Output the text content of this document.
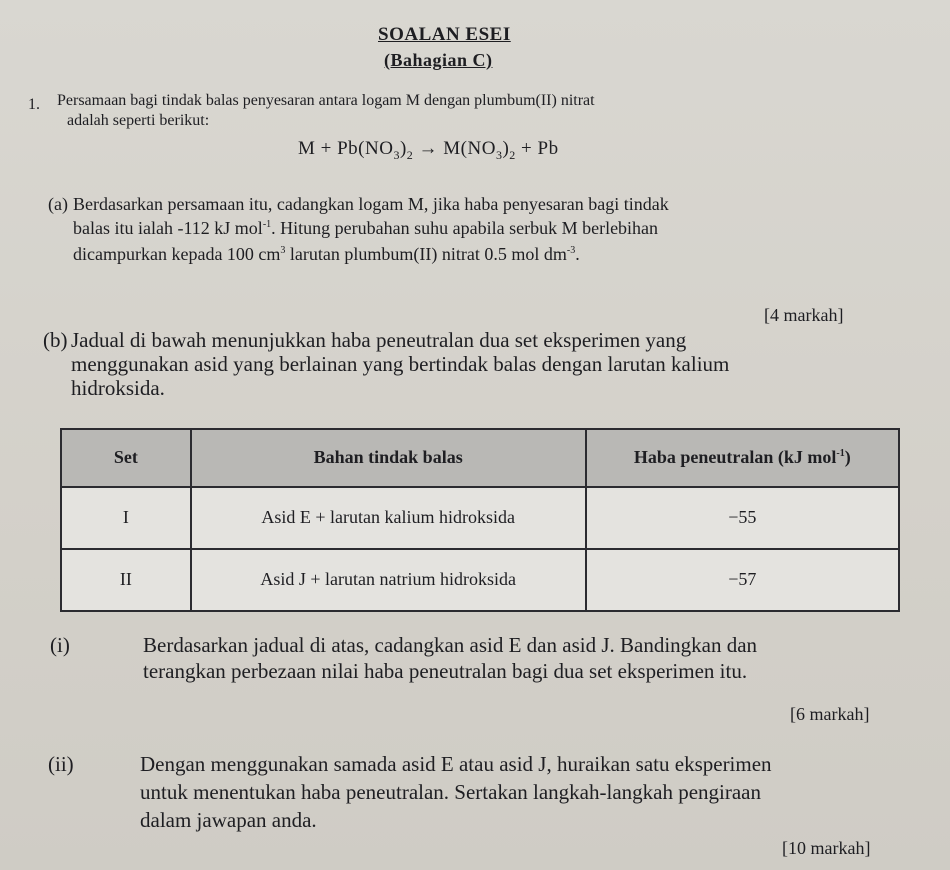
SOALAN ESEI
(Bahagian C)
1. Persamaan bagi tindak balas penyesaran antara logam M dengan plumbum(II) nitrat
adalah seperti berikut:
$M + Pb(NO_3)_2 \to M(NO_3)_2 + Pb$
(a) Berdasarkan persamaan itu, cadangkan logam M, jika haba penyesaran bagi tindak
balas itu ialah -112 kJ mol$^{-1}$. Hitung perubahan suhu apabila serbuk M berlebihan
dicampurkan kepada 100 $cm^3$ larutan plumbum(II) nitrat 0.5 mol $dm^{-3}$.
[4 markah]
(b) Jadual di bawah menunjukkan haba peneutralan dua set eksperimen yang
menggunakan asid yang berlainan yang bertindak balas dengan larutan kalium
hidroksida.
Set	Bahan tindak balas	Haba peneutralan (kJ mol$^{-1}$)
I	Asid E + larutan kalium hidroksida	−55
II	Asid J + larutan natrium hidroksida	−57
(i)	Berdasarkan jadual di atas, cadangkan asid E dan asid J. Bandingkan dan
terangkan perbezaan nilai haba peneutralan bagi dua set eksperimen itu.
[6 markah]
(ii)	Dengan menggunakan samada asid E atau asid J, huraikan satu eksperimen
untuk menentukan haba peneutralan. Sertakan langkah-langkah pengiraan
dalam jawapan anda.
[10 markah]
